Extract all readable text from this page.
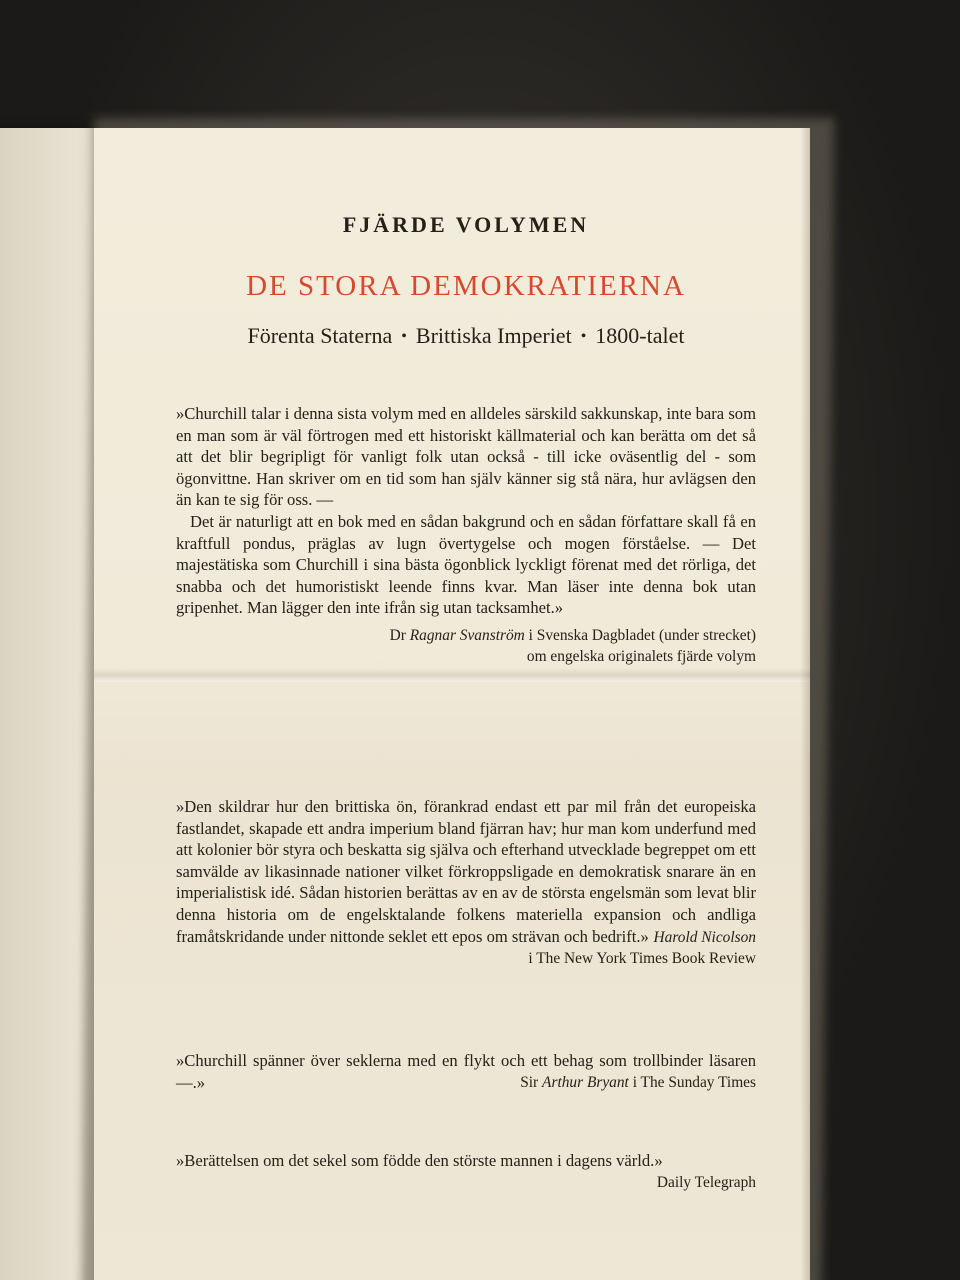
FJÄRDE VOLYMEN
DE STORA DEMOKRATIERNA
Förenta Staterna • Brittiska Imperiet • 1800-talet

»Churchill talar i denna sista volym med en alldeles särskild sakkunskap, inte bara som en man som är väl förtrogen med ett historiskt källmaterial och kan berätta om det så att det blir begripligt för vanligt folk utan också - till icke oväsentlig del - som ögonvittne. Han skriver om en tid som han själv känner sig stå nära, hur avlägsen den än kan te sig för oss. —

Det är naturligt att en bok med en sådan bakgrund och en sådan författare skall få en kraftfull pondus, präglas av lugn övertygelse och mogen förståelse. — Det majestätiska som Churchill i sina bästa ögonblick lyckligt förenat med det rörliga, det snabba och det humoristiskt leende finns kvar. Man läser inte denna bok utan gripenhet. Man lägger den inte ifrån sig utan tacksamhet.»

Dr Ragnar Svanström i Svenska Dagbladet (under strecket)
om engelska originalets fjärde volym

»Den skildrar hur den brittiska ön, förankrad endast ett par mil från det europeiska fastlandet, skapade ett andra imperium bland fjärran hav; hur man kom underfund med att kolonier bör styra och beskatta sig själva och efterhand utvecklade begreppet om ett samvälde av likasinnade nationer vilket förkroppsligade en demokratisk snarare än en imperialistisk idé. Sådan historien berättas av en av de största engelsmän som levat blir denna historia om de engelsktalande folkens materiella expansion och andliga framåtskridande under nittonde seklet ett epos om strävan och bedrift.» Harold Nicolson
i The New York Times Book Review

»Churchill spänner över seklerna med en flykt och ett behag som trollbinder läsaren —.»	Sir Arthur Bryant i The Sunday Times

»Berättelsen om det sekel som födde den störste mannen i dagens värld.»

Daily Telegraph
